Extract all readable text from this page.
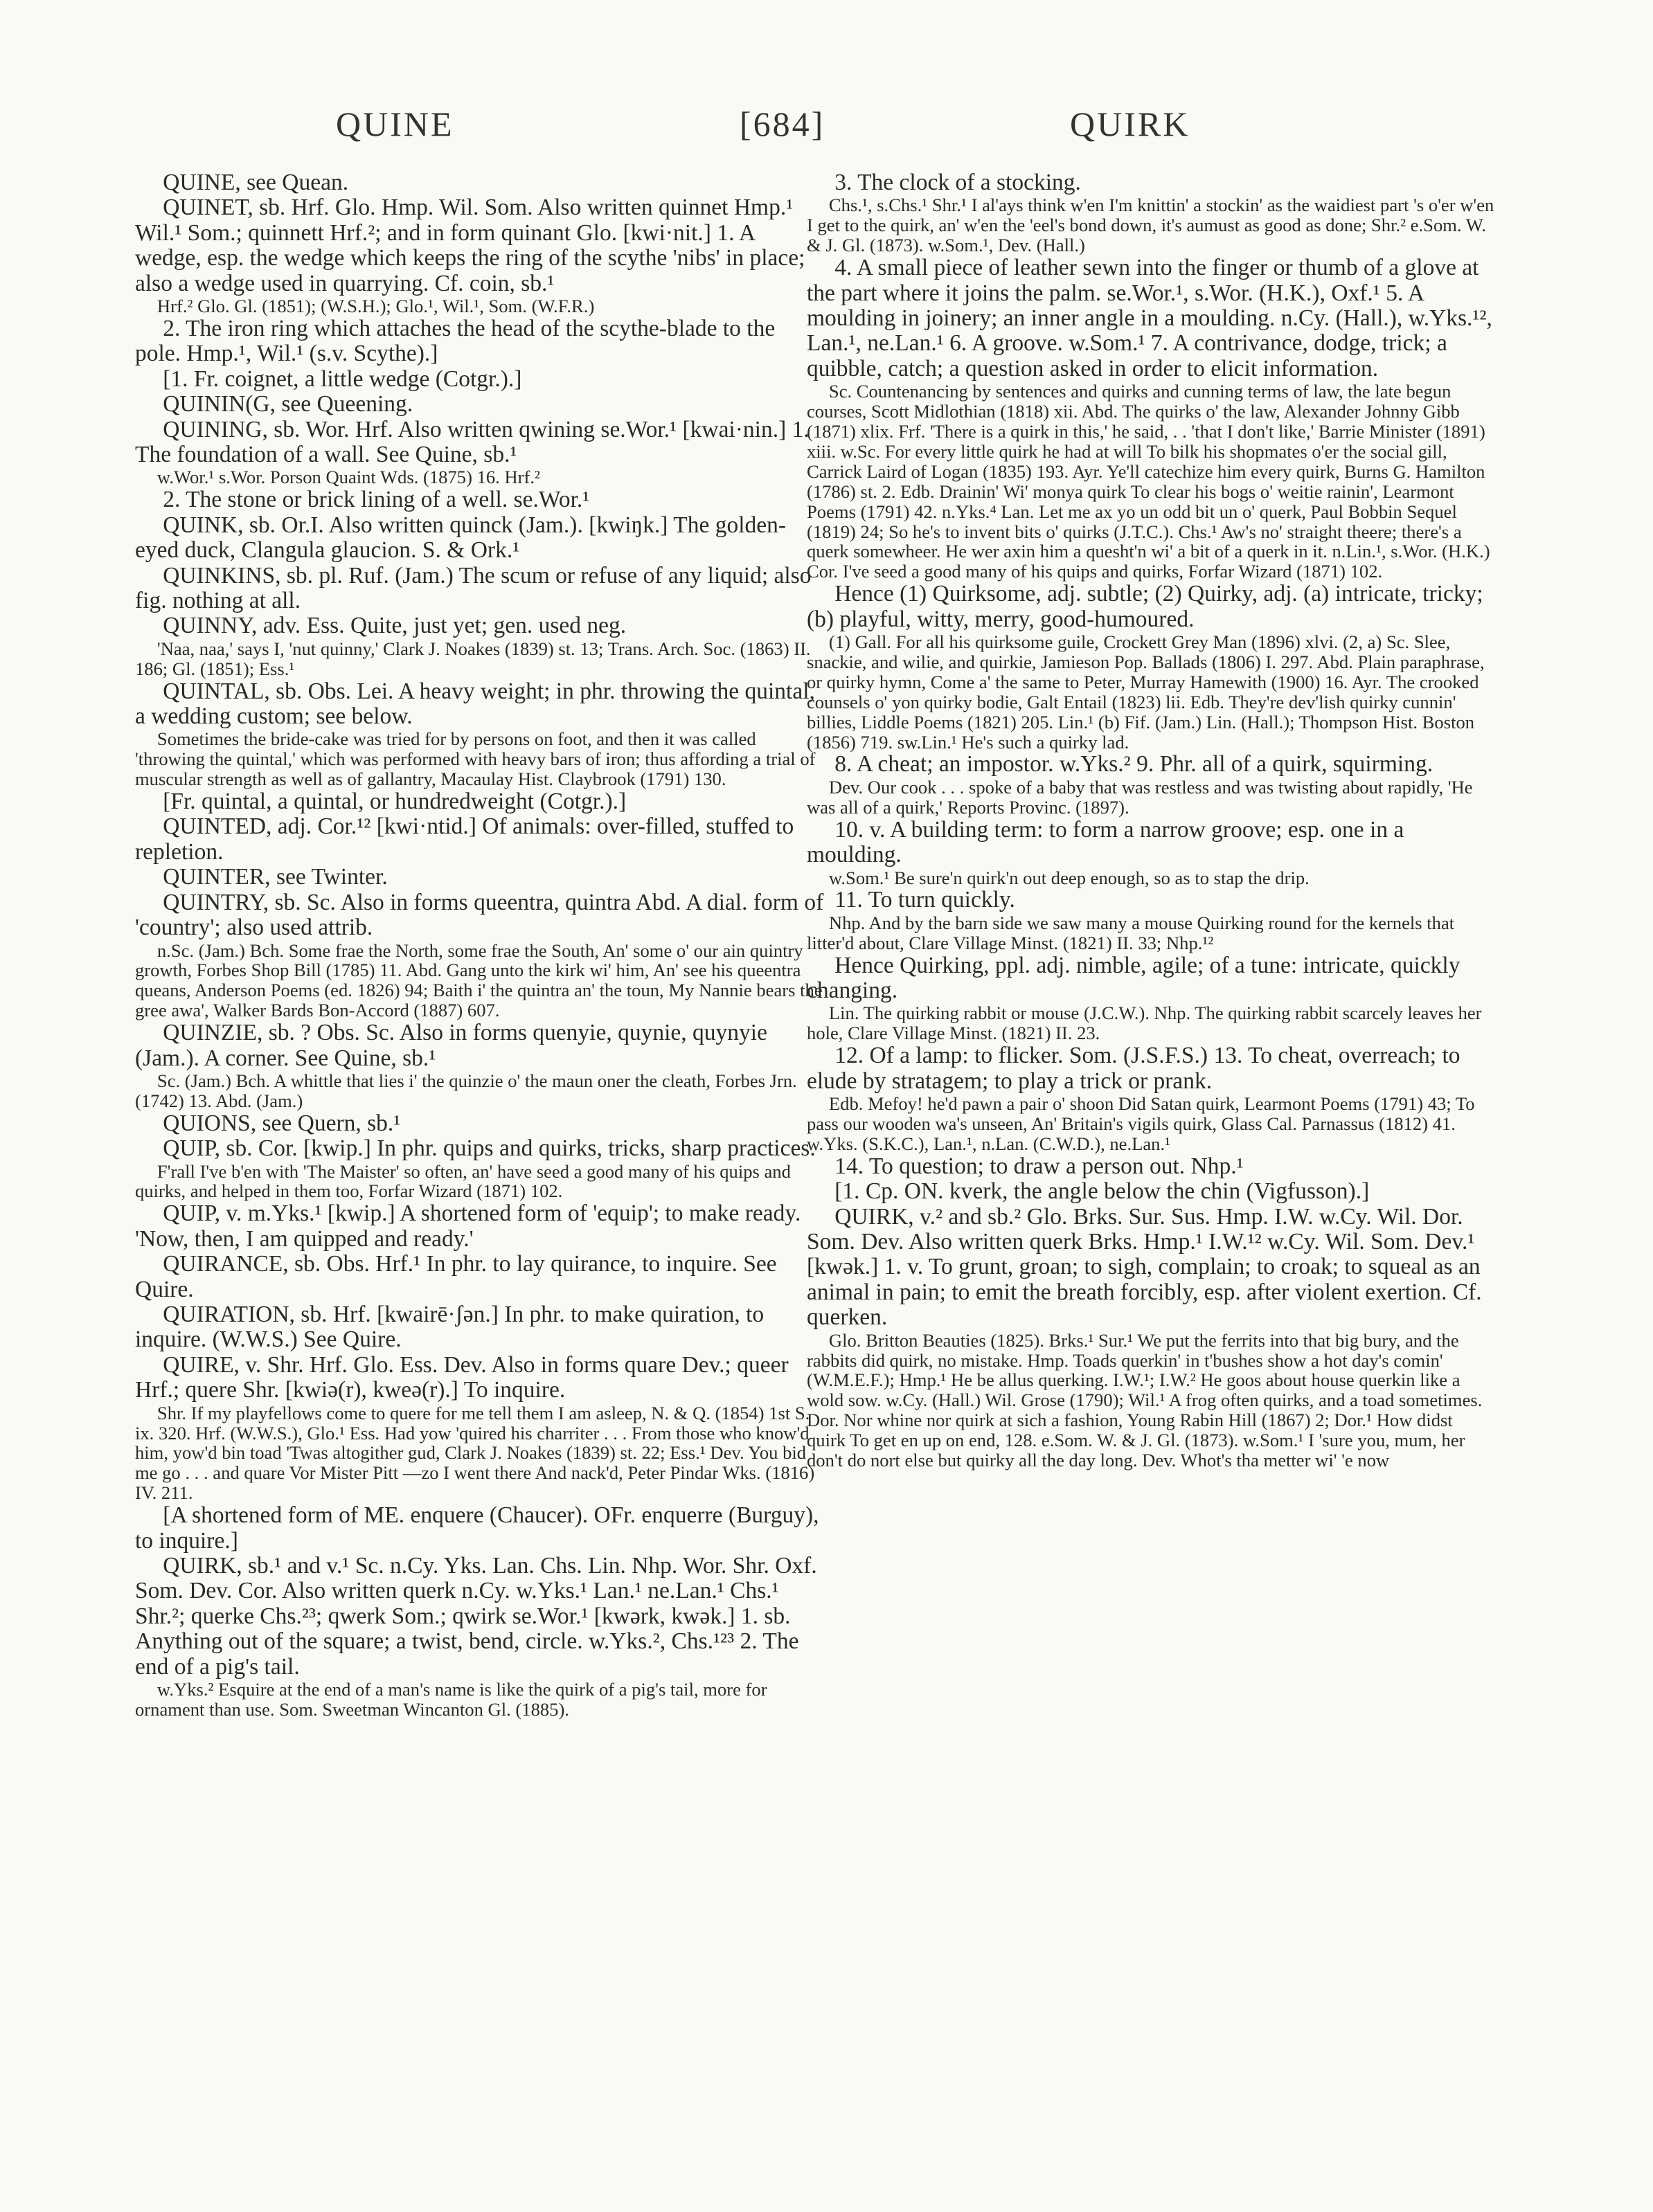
QUINE	[684]	QUIRK

QUINE, see Quean.

QUINET, sb. Hrf. Glo. Hmp. Wil. Som. Also written quinnet Hmp.¹ Wil.¹ Som.; quinnett Hrf.²; and in form quinant Glo. [kwi·nit.] 1. A wedge, esp. the wedge which keeps the ring of the scythe 'nibs' in place; also a wedge used in quarrying. Cf. coin, sb.¹

Hrf.² Glo. Gl. (1851); (W.S.H.); Glo.¹, Wil.¹, Som. (W.F.R.)

2. The iron ring which attaches the head of the scythe-blade to the pole. Hmp.¹, Wil.¹ (s.v. Scythe).]

[1. Fr. coignet, a little wedge (Cotgr.).]

QUININ(G, see Queening.

QUINING, sb. Wor. Hrf. Also written qwining se.Wor.¹ [kwai·nin.] 1. The foundation of a wall. See Quine, sb.¹

w.Wor.¹ s.Wor. Porson Quaint Wds. (1875) 16. Hrf.²

2. The stone or brick lining of a well. se.Wor.¹

QUINK, sb. Or.I. Also written quinck (Jam.). [kwiŋk.] The golden-eyed duck, Clangula glaucion. S. & Ork.¹

QUINKINS, sb. pl. Ruf. (Jam.) The scum or refuse of any liquid; also fig. nothing at all.

QUINNY, adv. Ess. Quite, just yet; gen. used neg.

'Naa, naa,' says I, 'nut quinny,' Clark J. Noakes (1839) st. 13; Trans. Arch. Soc. (1863) II. 186; Gl. (1851); Ess.¹

QUINTAL, sb. Obs. Lei. A heavy weight; in phr. throwing the quintal, a wedding custom; see below.

Sometimes the bride-cake was tried for by persons on foot, and then it was called 'throwing the quintal,' which was performed with heavy bars of iron; thus affording a trial of muscular strength as well as of gallantry, Macaulay Hist. Claybrook (1791) 130.

[Fr. quintal, a quintal, or hundredweight (Cotgr.).]

QUINTED, adj. Cor.¹² [kwi·ntid.] Of animals: over-filled, stuffed to repletion.

QUINTER, see Twinter.

QUINTRY, sb. Sc. Also in forms queentra, quintra Abd. A dial. form of 'country'; also used attrib.

n.Sc. (Jam.) Bch. Some frae the North, some frae the South, An' some o' our ain quintry growth, Forbes Shop Bill (1785) 11. Abd. Gang unto the kirk wi' him, An' see his queentra queans, Anderson Poems (ed. 1826) 94; Baith i' the quintra an' the toun, My Nannie bears the gree awa', Walker Bards Bon-Accord (1887) 607.

QUINZIE, sb. ? Obs. Sc. Also in forms quenyie, quynie, quynyie (Jam.). A corner. See Quine, sb.¹

Sc. (Jam.) Bch. A whittle that lies i' the quinzie o' the maun oner the cleath, Forbes Jrn. (1742) 13. Abd. (Jam.)

QUIONS, see Quern, sb.¹

QUIP, sb. Cor. [kwip.] In phr. quips and quirks, tricks, sharp practices.

F'rall I've b'en with 'The Maister' so often, an' have seed a good many of his quips and quirks, and helped in them too, Forfar Wizard (1871) 102.

QUIP, v. m.Yks.¹ [kwip.] A shortened form of 'equip'; to make ready. 'Now, then, I am quipped and ready.'

QUIRANCE, sb. Obs. Hrf.¹ In phr. to lay quirance, to inquire. See Quire.

QUIRATION, sb. Hrf. [kwairē·ʃən.] In phr. to make quiration, to inquire. (W.W.S.) See Quire.

QUIRE, v. Shr. Hrf. Glo. Ess. Dev. Also in forms quare Dev.; queer Hrf.; quere Shr. [kwiə(r), kweə(r).] To inquire.

Shr. If my playfellows come to quere for me tell them I am asleep, N. & Q. (1854) 1st S. ix. 320. Hrf. (W.W.S.), Glo.¹ Ess. Had yow 'quired his charriter . . . From those who know'd him, yow'd bin toad 'Twas altogither gud, Clark J. Noakes (1839) st. 22; Ess.¹ Dev. You bid me go . . . and quare Vor Mister Pitt —zo I went there And nack'd, Peter Pindar Wks. (1816) IV. 211.

[A shortened form of ME. enquere (Chaucer). OFr. enquerre (Burguy), to inquire.]

QUIRK, sb.¹ and v.¹ Sc. n.Cy. Yks. Lan. Chs. Lin. Nhp. Wor. Shr. Oxf. Som. Dev. Cor. Also written querk n.Cy. w.Yks.¹ Lan.¹ ne.Lan.¹ Chs.¹ Shr.²; querke Chs.²³; qwerk Som.; qwirk se.Wor.¹ [kwərk, kwək.] 1. sb. Anything out of the square; a twist, bend, circle. w.Yks.², Chs.¹²³ 2. The end of a pig's tail.

w.Yks.² Esquire at the end of a man's name is like the quirk of a pig's tail, more for ornament than use. Som. Sweetman Wincanton Gl. (1885).

3. The clock of a stocking.

Chs.¹, s.Chs.¹ Shr.¹ I al'ays think w'en I'm knittin' a stockin' as the waidiest part 's o'er w'en I get to the quirk, an' w'en the 'eel's bond down, it's aumust as good as done; Shr.² e.Som. W. & J. Gl. (1873). w.Som.¹, Dev. (Hall.)

4. A small piece of leather sewn into the finger or thumb of a glove at the part where it joins the palm. se.Wor.¹, s.Wor. (H.K.), Oxf.¹ 5. A moulding in joinery; an inner angle in a moulding. n.Cy. (Hall.), w.Yks.¹², Lan.¹, ne.Lan.¹ 6. A groove. w.Som.¹ 7. A contrivance, dodge, trick; a quibble, catch; a question asked in order to elicit information.

Sc. Countenancing by sentences and quirks and cunning terms of law, the late begun courses, Scott Midlothian (1818) xii. Abd. The quirks o' the law, Alexander Johnny Gibb (1871) xlix. Frf. 'There is a quirk in this,' he said, . . 'that I don't like,' Barrie Minister (1891) xiii. w.Sc. For every little quirk he had at will To bilk his shopmates o'er the social gill, Carrick Laird of Logan (1835) 193. Ayr. Ye'll catechize him every quirk, Burns G. Hamilton (1786) st. 2. Edb. Drainin' Wi' monya quirk To clear his bogs o' weitie rainin', Learmont Poems (1791) 42. n.Yks.⁴ Lan. Let me ax yo un odd bit un o' querk, Paul Bobbin Sequel (1819) 24; So he's to invent bits o' quirks (J.T.C.). Chs.¹ Aw's no' straight theere; there's a querk somewheer. He wer axin him a quesht'n wi' a bit of a querk in it. n.Lin.¹, s.Wor. (H.K.) Cor. I've seed a good many of his quips and quirks, Forfar Wizard (1871) 102.

Hence (1) Quirksome, adj. subtle; (2) Quirky, adj. (a) intricate, tricky; (b) playful, witty, merry, good-humoured.

(1) Gall. For all his quirksome guile, Crockett Grey Man (1896) xlvi. (2, a) Sc. Slee, snackie, and wilie, and quirkie, Jamieson Pop. Ballads (1806) I. 297. Abd. Plain paraphrase, or quirky hymn, Come a' the same to Peter, Murray Hamewith (1900) 16. Ayr. The crooked counsels o' yon quirky bodie, Galt Entail (1823) lii. Edb. They're dev'lish quirky cunnin' billies, Liddle Poems (1821) 205. Lin.¹ (b) Fif. (Jam.) Lin. (Hall.); Thompson Hist. Boston (1856) 719. sw.Lin.¹ He's such a quirky lad.

8. A cheat; an impostor. w.Yks.² 9. Phr. all of a quirk, squirming.

Dev. Our cook . . . spoke of a baby that was restless and was twisting about rapidly, 'He was all of a quirk,' Reports Provinc. (1897).

10. v. A building term: to form a narrow groove; esp. one in a moulding.

w.Som.¹ Be sure'n quirk'n out deep enough, so as to stap the drip.

11. To turn quickly.

Nhp. And by the barn side we saw many a mouse Quirking round for the kernels that litter'd about, Clare Village Minst. (1821) II. 33; Nhp.¹²

Hence Quirking, ppl. adj. nimble, agile; of a tune: intricate, quickly changing.

Lin. The quirking rabbit or mouse (J.C.W.). Nhp. The quirking rabbit scarcely leaves her hole, Clare Village Minst. (1821) II. 23.

12. Of a lamp: to flicker. Som. (J.S.F.S.) 13. To cheat, overreach; to elude by stratagem; to play a trick or prank.

Edb. Mefoy! he'd pawn a pair o' shoon Did Satan quirk, Learmont Poems (1791) 43; To pass our wooden wa's unseen, An' Britain's vigils quirk, Glass Cal. Parnassus (1812) 41. w.Yks. (S.K.C.), Lan.¹, n.Lan. (C.W.D.), ne.Lan.¹

14. To question; to draw a person out. Nhp.¹

[1. Cp. ON. kverk, the angle below the chin (Vigfusson).]

QUIRK, v.² and sb.² Glo. Brks. Sur. Sus. Hmp. I.W. w.Cy. Wil. Dor. Som. Dev. Also written querk Brks. Hmp.¹ I.W.¹² w.Cy. Wil. Som. Dev.¹ [kwək.] 1. v. To grunt, groan; to sigh, complain; to croak; to squeal as an animal in pain; to emit the breath forcibly, esp. after violent exertion. Cf. querken.

Glo. Britton Beauties (1825). Brks.¹ Sur.¹ We put the ferrits into that big bury, and the rabbits did quirk, no mistake. Hmp. Toads querkin' in t'bushes show a hot day's comin' (W.M.E.F.); Hmp.¹ He be allus querking. I.W.¹; I.W.² He goos about house querkin like a wold sow. w.Cy. (Hall.) Wil. Grose (1790); Wil.¹ A frog often quirks, and a toad sometimes. Dor. Nor whine nor quirk at sich a fashion, Young Rabin Hill (1867) 2; Dor.¹ How didst quirk To get en up on end, 128. e.Som. W. & J. Gl. (1873). w.Som.¹ I 'sure you, mum, her don't do nort else but quirky all the day long. Dev. Whot's tha metter wi' 'e now
